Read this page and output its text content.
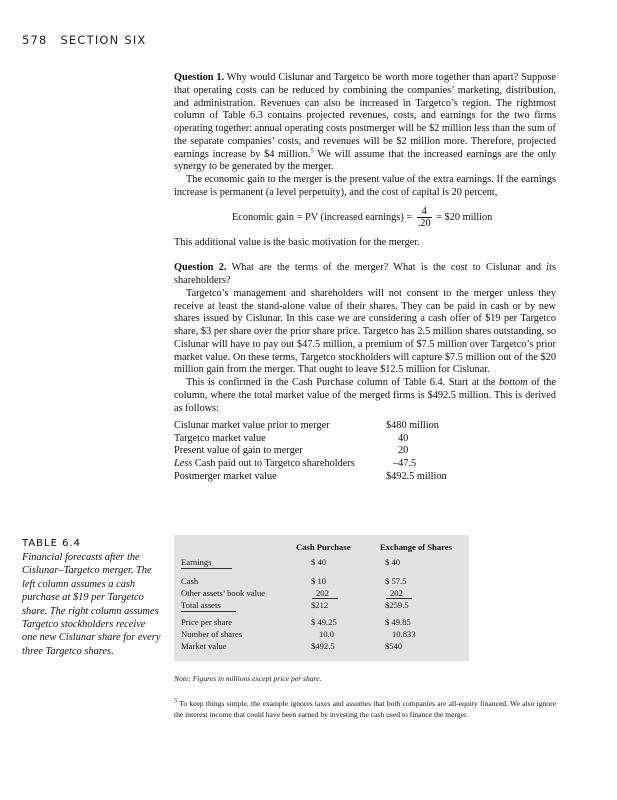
578 SECTION SIX

Question 1. Why would Cislunar and Targetco be worth more together than apart? Suppose that operating costs can be reduced by combining the companies’ marketing, distribution, and administration. Revenues can also be increased in Targetco’s region. The rightmost column of Table 6.3 contains projected revenues, costs, and earnings for the two firms operating together: annual operating costs postmerger will be $2 million less than the sum of the separate companies’ costs, and revenues will be $2 million more. Therefore, projected earnings increase by $4 million.$^5$ We will assume that the increased earnings are the only synergy to be generated by the merger.

The economic gain to the merger is the present value of the extra earnings. If the earnings increase is permanent (a level perpetuity), and the cost of capital is 20 percent,

Economic gain = PV (increased earnings) = $\frac{4}{.20}$ = $20 million

This additional value is the basic motivation for the merger.

Question 2. What are the terms of the merger? What is the cost to Cislunar and its shareholders?

Targetco’s management and shareholders will not consent to the merger unless they receive at least the stand-alone value of their shares. They can be paid in cash or by new shares issued by Cislunar. In this case we are considering a cash offer of $19 per Targetco share, $3 per share over the prior share price. Targetco has 2.5 million shares outstanding, so Cislunar will have to pay out $47.5 million, a premium of $7.5 million over Targetco’s prior market value. On these terms, Targetco stockholders will capture $7.5 million out of the $20 million gain from the merger. That ought to leave $12.5 million for Cislunar.

This is confirmed in the Cash Purchase column of Table 6.4. Start at the bottom of the column, where the total market value of the merged firms is $492.5 million. This is derived as follows:

Cislunar market value prior to merger	$480 million
Targetco market value	40
Present value of gain to merger	20
Less Cash paid out to Targetco shareholders	–47.5
Postmerger market value	$492.5 million
TABLE 6.4
Financial forecasts after the Cislunar–Targetco merger. The left column assumes a cash purchase at $19 per Targetco share. The right column assumes Targetco stockholders receive one new Cislunar share for every three Targetco shares.
Cash Purchase	Exchange of Shares
Earnings	$ 40	$ 40
Cash	$ 10	$ 57.5
Other assets’ book value	202	202
Total assets	$212	$259.5
Price per share	$ 49.25	$ 49.85
Number of shares	10.0	10.833
Market value	$492.5	$540
Note: Figures in millions except price per share.
$^5$ To keep things simple, the example ignores taxes and assumes that both companies are all-equity financed. We also ignore the interest income that could have been earned by investing the cash used to finance the merger.
